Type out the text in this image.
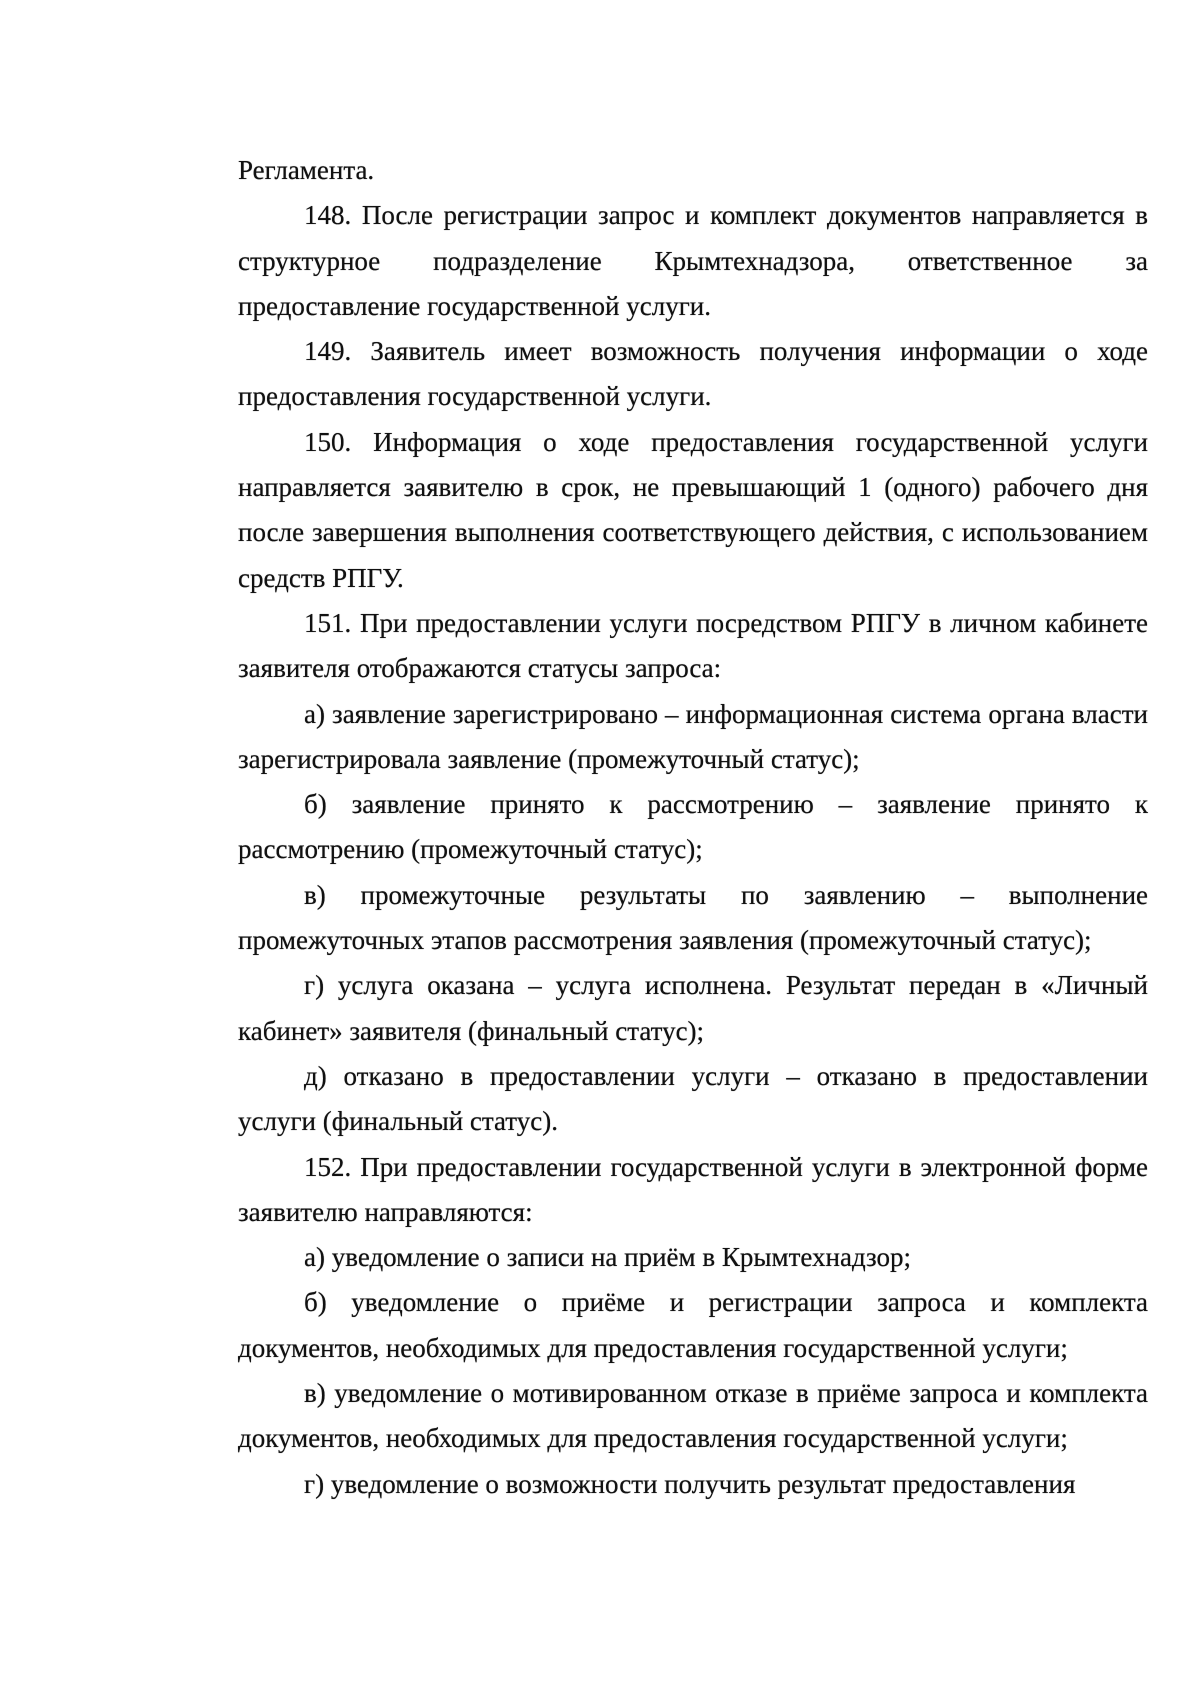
Регламента.

148. После регистрации запрос и комплект документов направляется в структурное подразделение Крымтехнадзора, ответственное за предоставление государственной услуги.

149. Заявитель имеет возможность получения информации о ходе предоставления государственной услуги.

150. Информация о ходе предоставления государственной услуги направляется заявителю в срок, не превышающий 1 (одного) рабочего дня после завершения выполнения соответствующего действия, с использованием средств РПГУ.

151. При предоставлении услуги посредством РПГУ в личном кабинете заявителя отображаются статусы запроса:

а) заявление зарегистрировано – информационная система органа власти зарегистрировала заявление (промежуточный статус);

б) заявление принято к рассмотрению – заявление принято к рассмотрению (промежуточный статус);

в) промежуточные результаты по заявлению – выполнение промежуточных этапов рассмотрения заявления (промежуточный статус);

г) услуга оказана – услуга исполнена. Результат передан в «Личный кабинет» заявителя (финальный статус);

д) отказано в предоставлении услуги – отказано в предоставлении услуги (финальный статус).

152. При предоставлении государственной услуги в электронной форме заявителю направляются:

а) уведомление о записи на приём в Крымтехнадзор;

б) уведомление о приёме и регистрации запроса и комплекта документов, необходимых для предоставления государственной услуги;

в) уведомление о мотивированном отказе в приёме запроса и комплекта документов, необходимых для предоставления государственной услуги;

г) уведомление о возможности получить результат предоставления
